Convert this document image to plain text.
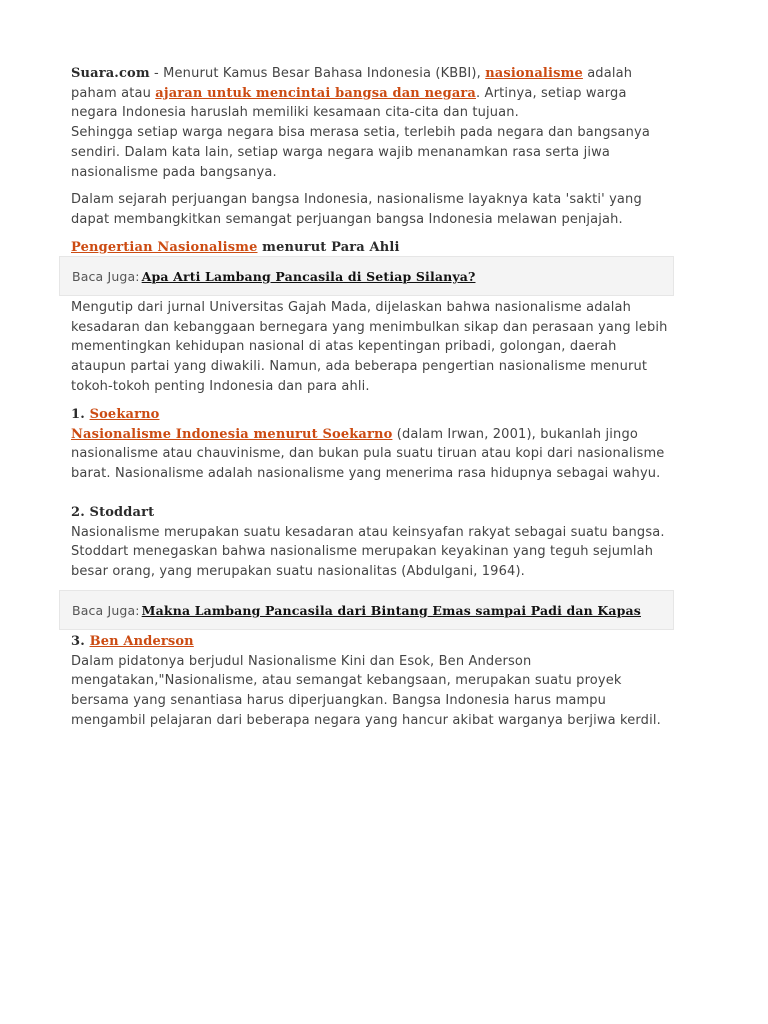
Suara.com - Menurut Kamus Besar Bahasa Indonesia (KBBI), nasionalisme adalah paham atau ajaran untuk mencintai bangsa dan negara. Artinya, setiap warga negara Indonesia haruslah memiliki kesamaan cita-cita dan tujuan.
Sehingga setiap warga negara bisa merasa setia, terlebih pada negara dan bangsanya sendiri. Dalam kata lain, setiap warga negara wajib menanamkan rasa serta jiwa nasionalisme pada bangsanya.

Dalam sejarah perjuangan bangsa Indonesia, nasionalisme layaknya kata 'sakti' yang dapat membangkitkan semangat perjuangan bangsa Indonesia melawan penjajah.

Pengertian Nasionalisme menurut Para Ahli
Baca Juga: Apa Arti Lambang Pancasila di Setiap Silanya?

Mengutip dari jurnal Universitas Gajah Mada, dijelaskan bahwa nasionalisme adalah kesadaran dan kebanggaan bernegara yang menimbulkan sikap dan perasaan yang lebih mementingkan kehidupan nasional di atas kepentingan pribadi, golongan, daerah ataupun partai yang diwakili. Namun, ada beberapa pengertian nasionalisme menurut tokoh-tokoh penting Indonesia dan para ahli.

1. Soekarno
Nasionalisme Indonesia menurut Soekarno (dalam Irwan, 2001), bukanlah jingo nasionalisme atau chauvinisme, dan bukan pula suatu tiruan atau kopi dari nasionalisme barat. Nasionalisme adalah nasionalisme yang menerima rasa hidupnya sebagai wahyu.
2. Stoddart
Nasionalisme merupakan suatu kesadaran atau keinsyafan rakyat sebagai suatu bangsa. Stoddart menegaskan bahwa nasionalisme merupakan keyakinan yang teguh sejumlah besar orang, yang merupakan suatu nasionalitas (Abdulgani, 1964).
Baca Juga: Makna Lambang Pancasila dari Bintang Emas sampai Padi dan Kapas
3. Ben Anderson
Dalam pidatonya berjudul Nasionalisme Kini dan Esok, Ben Anderson mengatakan,"Nasionalisme, atau semangat kebangsaan, merupakan suatu proyek bersama yang senantiasa harus diperjuangkan. Bangsa Indonesia harus mampu mengambil pelajaran dari beberapa negara yang hancur akibat warganya berjiwa kerdil.
